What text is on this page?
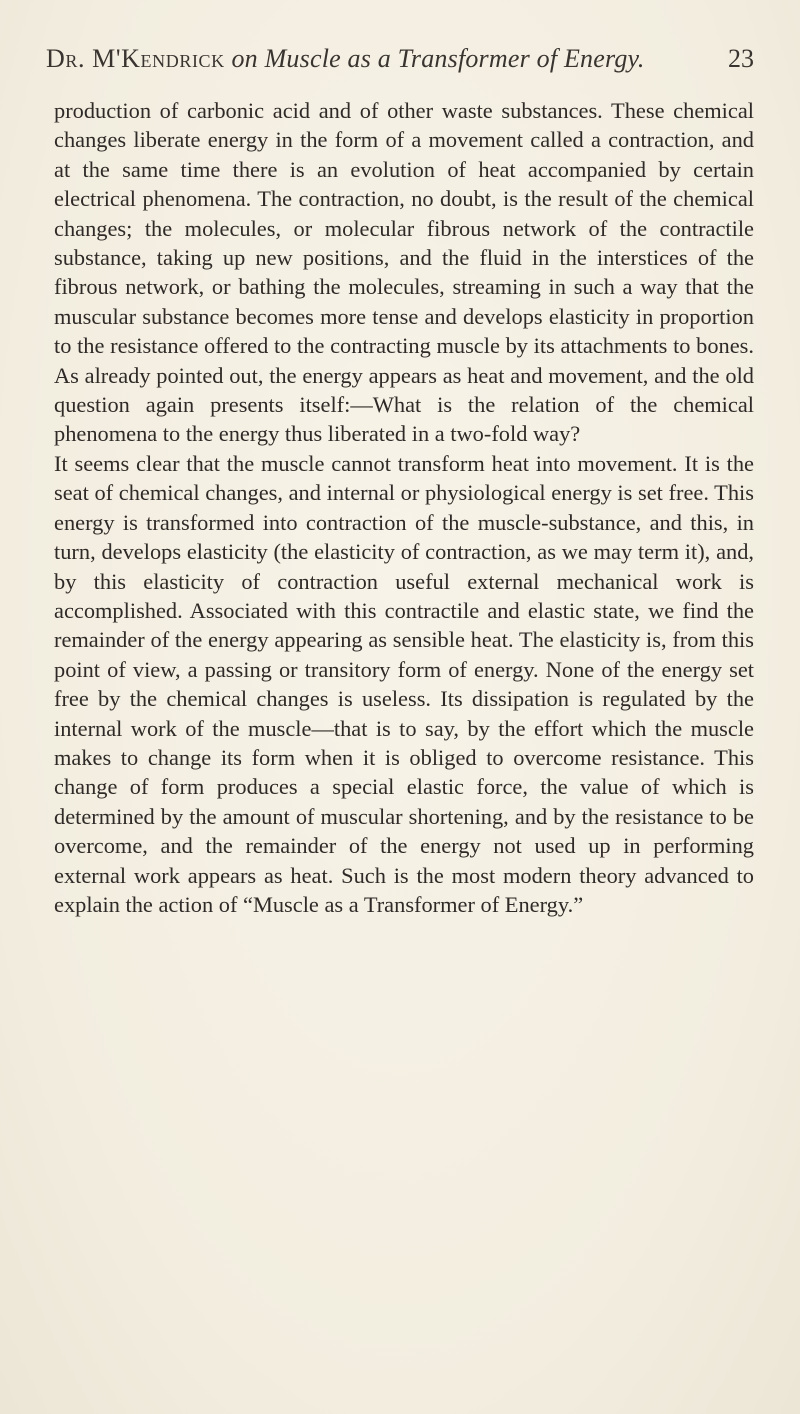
Dr. M'Kendrick on Muscle as a Transformer of Energy.	23

production of carbonic acid and of other waste substances. These chemical changes liberate energy in the form of a movement called a contraction, and at the same time there is an evolution of heat accompanied by certain electrical phenomena. The contraction, no doubt, is the result of the chemical changes; the molecules, or molecular fibrous network of the contractile substance, taking up new positions, and the fluid in the interstices of the fibrous network, or bathing the molecules, streaming in such a way that the muscular substance becomes more tense and develops elasticity in proportion to the resistance offered to the contracting muscle by its attachments to bones. As already pointed out, the energy appears as heat and movement, and the old question again presents itself:—What is the relation of the chemical phenomena to the energy thus liberated in a two-fold way?

It seems clear that the muscle cannot transform heat into movement. It is the seat of chemical changes, and internal or physiological energy is set free. This energy is transformed into contraction of the muscle-substance, and this, in turn, develops elasticity (the elasticity of contraction, as we may term it), and, by this elasticity of contraction useful external mechanical work is accomplished. Associated with this contractile and elastic state, we find the remainder of the energy appearing as sensible heat. The elasticity is, from this point of view, a passing or transitory form of energy. None of the energy set free by the chemical changes is useless. Its dissipation is regulated by the internal work of the muscle—that is to say, by the effort which the muscle makes to change its form when it is obliged to overcome resistance. This change of form produces a special elastic force, the value of which is determined by the amount of muscular shortening, and by the resistance to be overcome, and the remainder of the energy not used up in performing external work appears as heat. Such is the most modern theory advanced to explain the action of “Muscle as a Transformer of Energy.”
